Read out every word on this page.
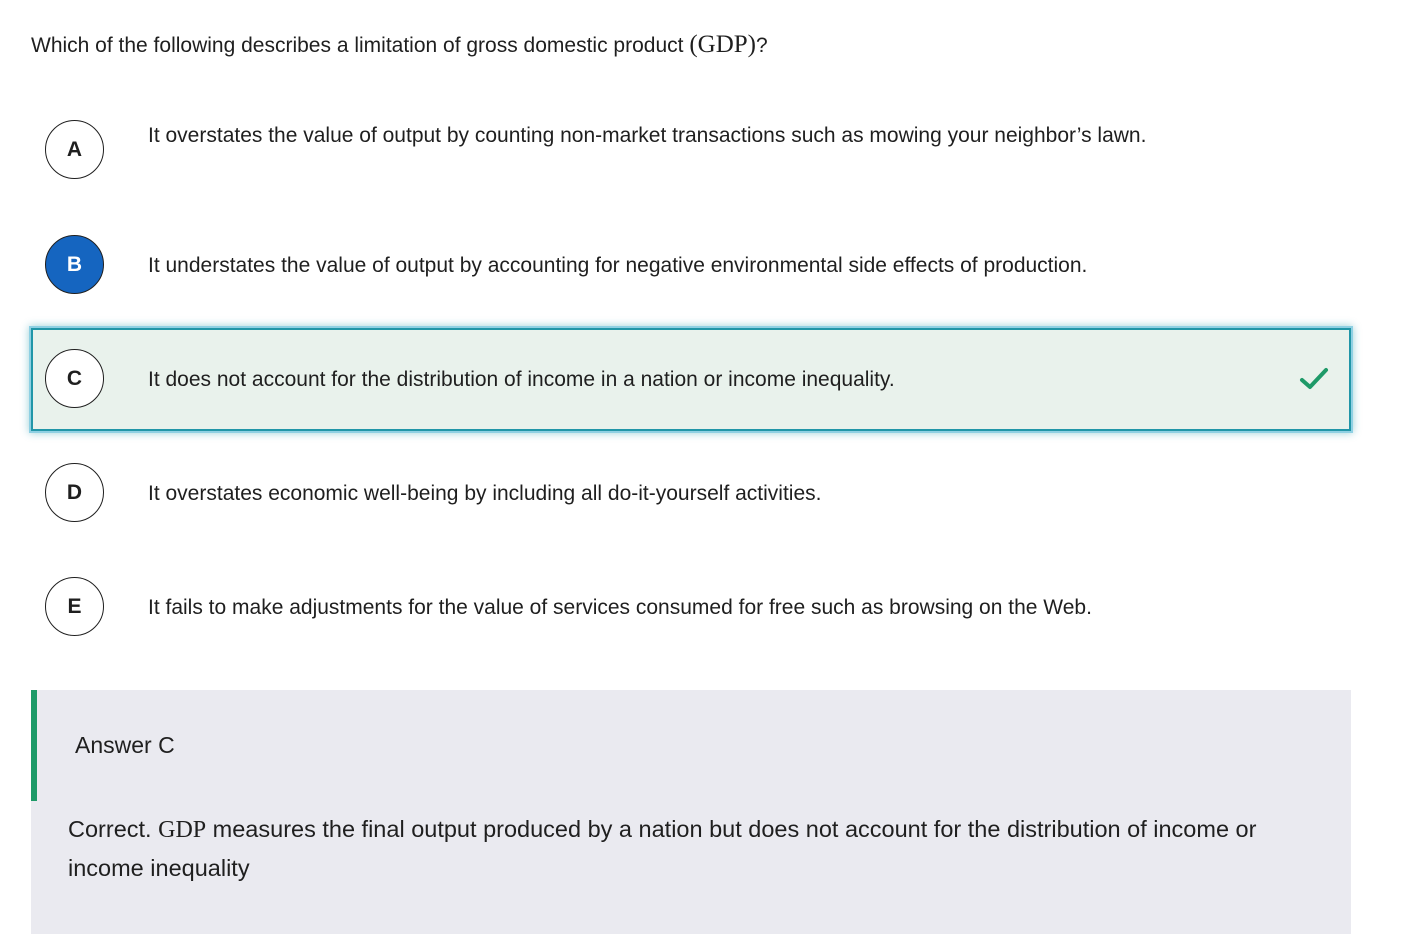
Which of the following describes a limitation of gross domestic product (GDP)?
A
It overstates the value of output by counting non-market transactions such as mowing your neighbor’s lawn.
B	It understates the value of output by accounting for negative environmental side effects of production.
C	It does not account for the distribution of income in a nation or income inequality.
D	It overstates economic well-being by including all do-it-yourself activities.
E	It fails to make adjustments for the value of services consumed for free such as browsing on the Web.
Answer C
Correct. GDP measures the final output produced by a nation but does not account for the distribution of income or income inequality
